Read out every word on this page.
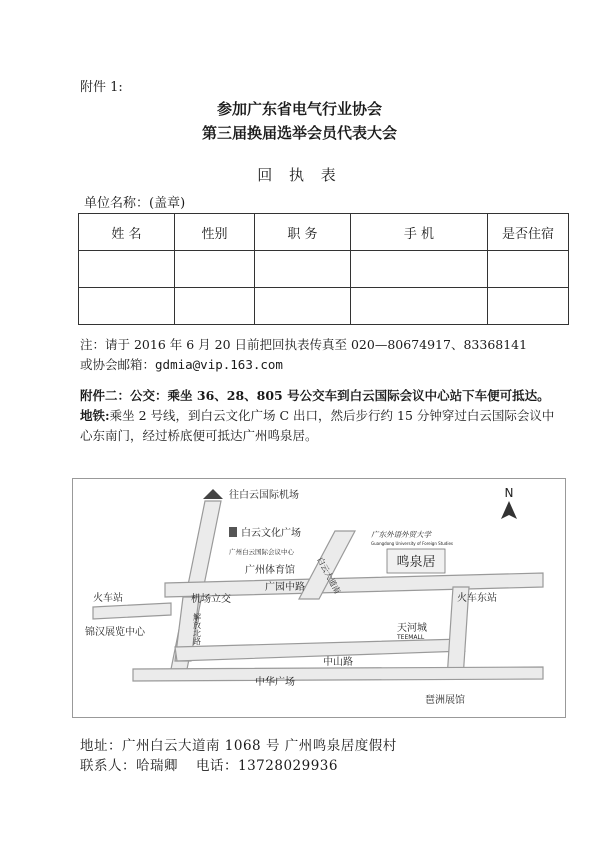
附件 1:
参加广东省电气行业协会
第三届换届选举会员代表大会
回 执 表
单位名称：(盖章)
姓 名	性别	职 务	手 机	是否住宿

注：请于 2016 年 6 月 20 日前把回执表传真至 020—80674917、83368141
或协会邮箱：gdmia@vip.163.com
附件二：公交：乘坐 36、28、805 号公交车到白云国际会议中心站下车便可抵达。
地铁:乘坐 2 号线，到白云文化广场 C 出口，然后步行约 15 分钟穿过白云国际会议中心东南门，经过桥底便可抵达广州鸣泉居。
N
往白云国际机场
白云文化广场
广州白云国际会议中心
广东外语外贸大学
Guangdong University of Foreign Studies
鸣泉居
广州体育馆	白云大道南
广园中路
机场立交
火车站	火车东站
锦汉展览中心	解放北路	天河城
TEEMALL
中山路
中华广场
琶洲展馆
地址：广州白云大道南 1068 号 广州鸣泉居度假村
联系人：哈瑞卿 电话：13728029936
